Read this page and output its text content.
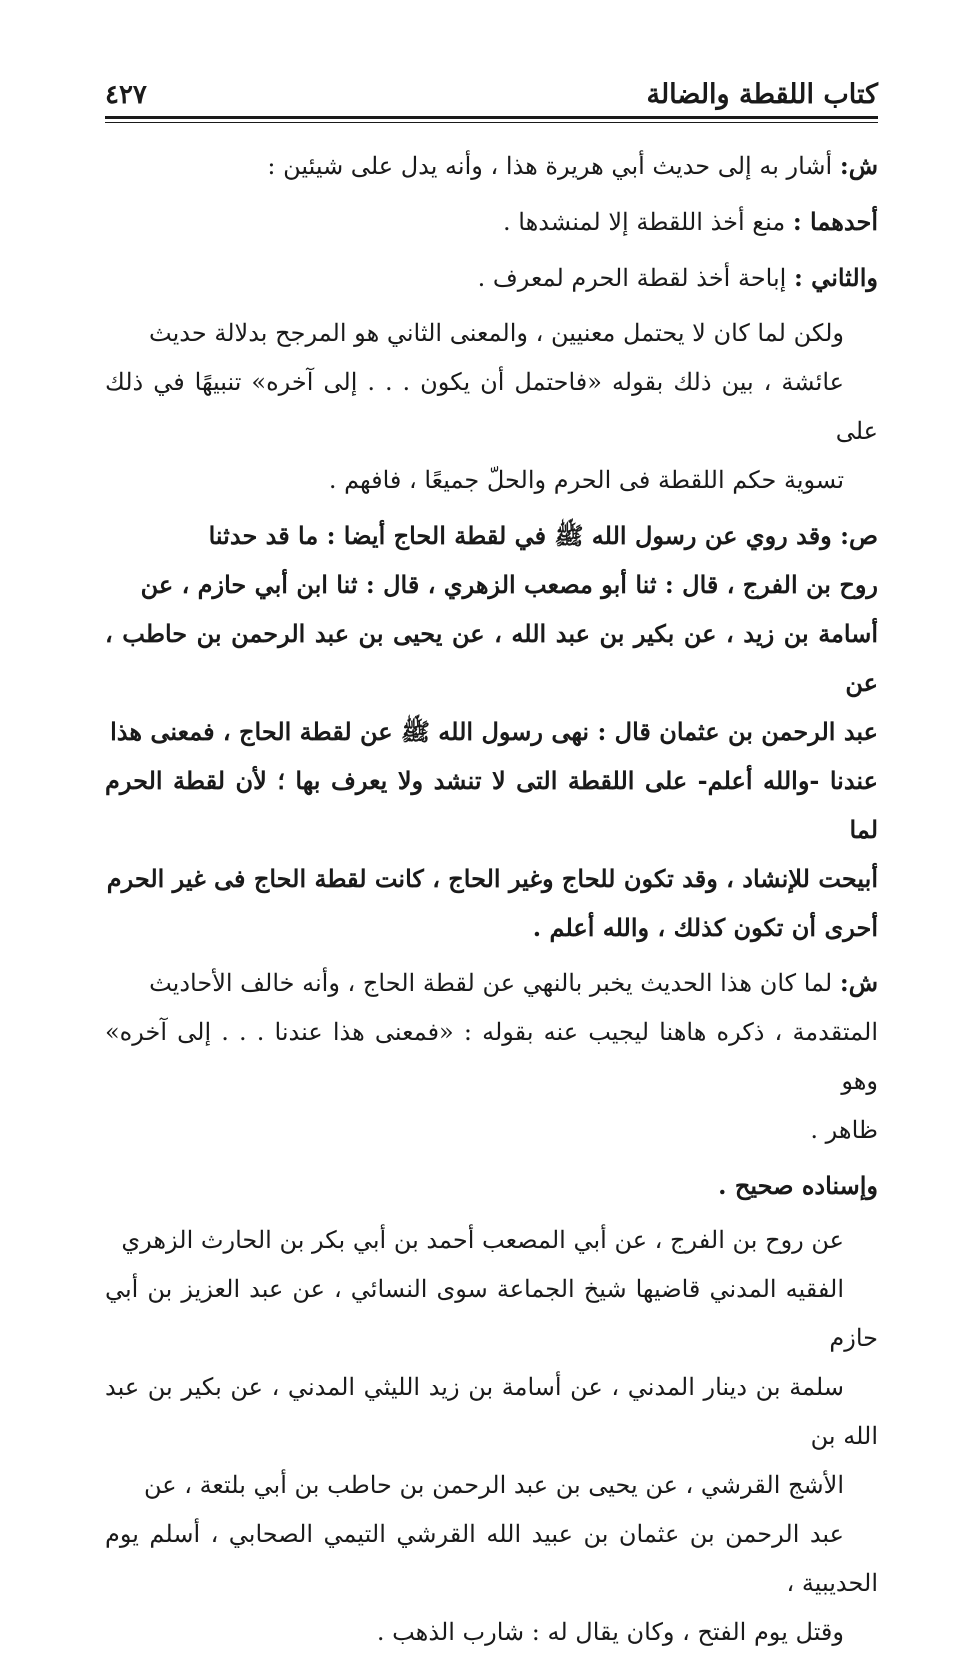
كتاب اللقطة والضالة
٤٢٧

ش: أشار به إلى حديث أبي هريرة هذا ، وأنه يدل على شيئين :

أحدهما : منع أخذ اللقطة إلا لمنشدها .

والثاني : إباحة أخذ لقطة الحرم لمعرف .

ولكن لما كان لا يحتمل معنيين ، والمعنى الثاني هو المرجح بدلالة حديث
عائشة ، بين ذلك بقوله «فاحتمل أن يكون . . . إلى آخره» تنبيهًا في ذلك على
تسوية حكم اللقطة فى الحرم والحلّ جميعًا ، فافهم .

ص: وقد روي عن رسول الله ﷺ في لقطة الحاج أيضا : ما قد حدثنا
روح بن الفرج ، قال : ثنا أبو مصعب الزهري ، قال : ثنا ابن أبي حازم ، عن
أسامة بن زيد ، عن بكير بن عبد الله ، عن يحيى بن عبد الرحمن بن حاطب ، عن
عبد الرحمن بن عثمان قال : نهى رسول الله ﷺ عن لقطة الحاج ، فمعنى هذا
عندنا -والله أعلم- على اللقطة التى لا تنشد ولا يعرف بها ؛ لأن لقطة الحرم لما
أبيحت للإنشاد ، وقد تكون للحاج وغير الحاج ، كانت لقطة الحاج فى غير الحرم
أحرى أن تكون كذلك ، والله أعلم .

ش: لما كان هذا الحديث يخبر بالنهي عن لقطة الحاج ، وأنه خالف الأحاديث
المتقدمة ، ذكره هاهنا ليجيب عنه بقوله : «فمعنى هذا عندنا . . . إلى آخره» وهو
ظاهر .

وإسناده صحيح .

عن روح بن الفرج ، عن أبي المصعب أحمد بن أبي بكر بن الحارث الزهري
الفقيه المدني قاضيها شيخ الجماعة سوى النسائي ، عن عبد العزيز بن أبي حازم
سلمة بن دينار المدني ، عن أسامة بن زيد الليثي المدني ، عن بكير بن عبد الله بن
الأشج القرشي ، عن يحيى بن عبد الرحمن بن حاطب بن أبي بلتعة ، عن
عبد الرحمن بن عثمان بن عبيد الله القرشي التيمي الصحابي ، أسلم يوم الحديبية ،
وقتل يوم الفتح ، وكان يقال له : شارب الذهب .
